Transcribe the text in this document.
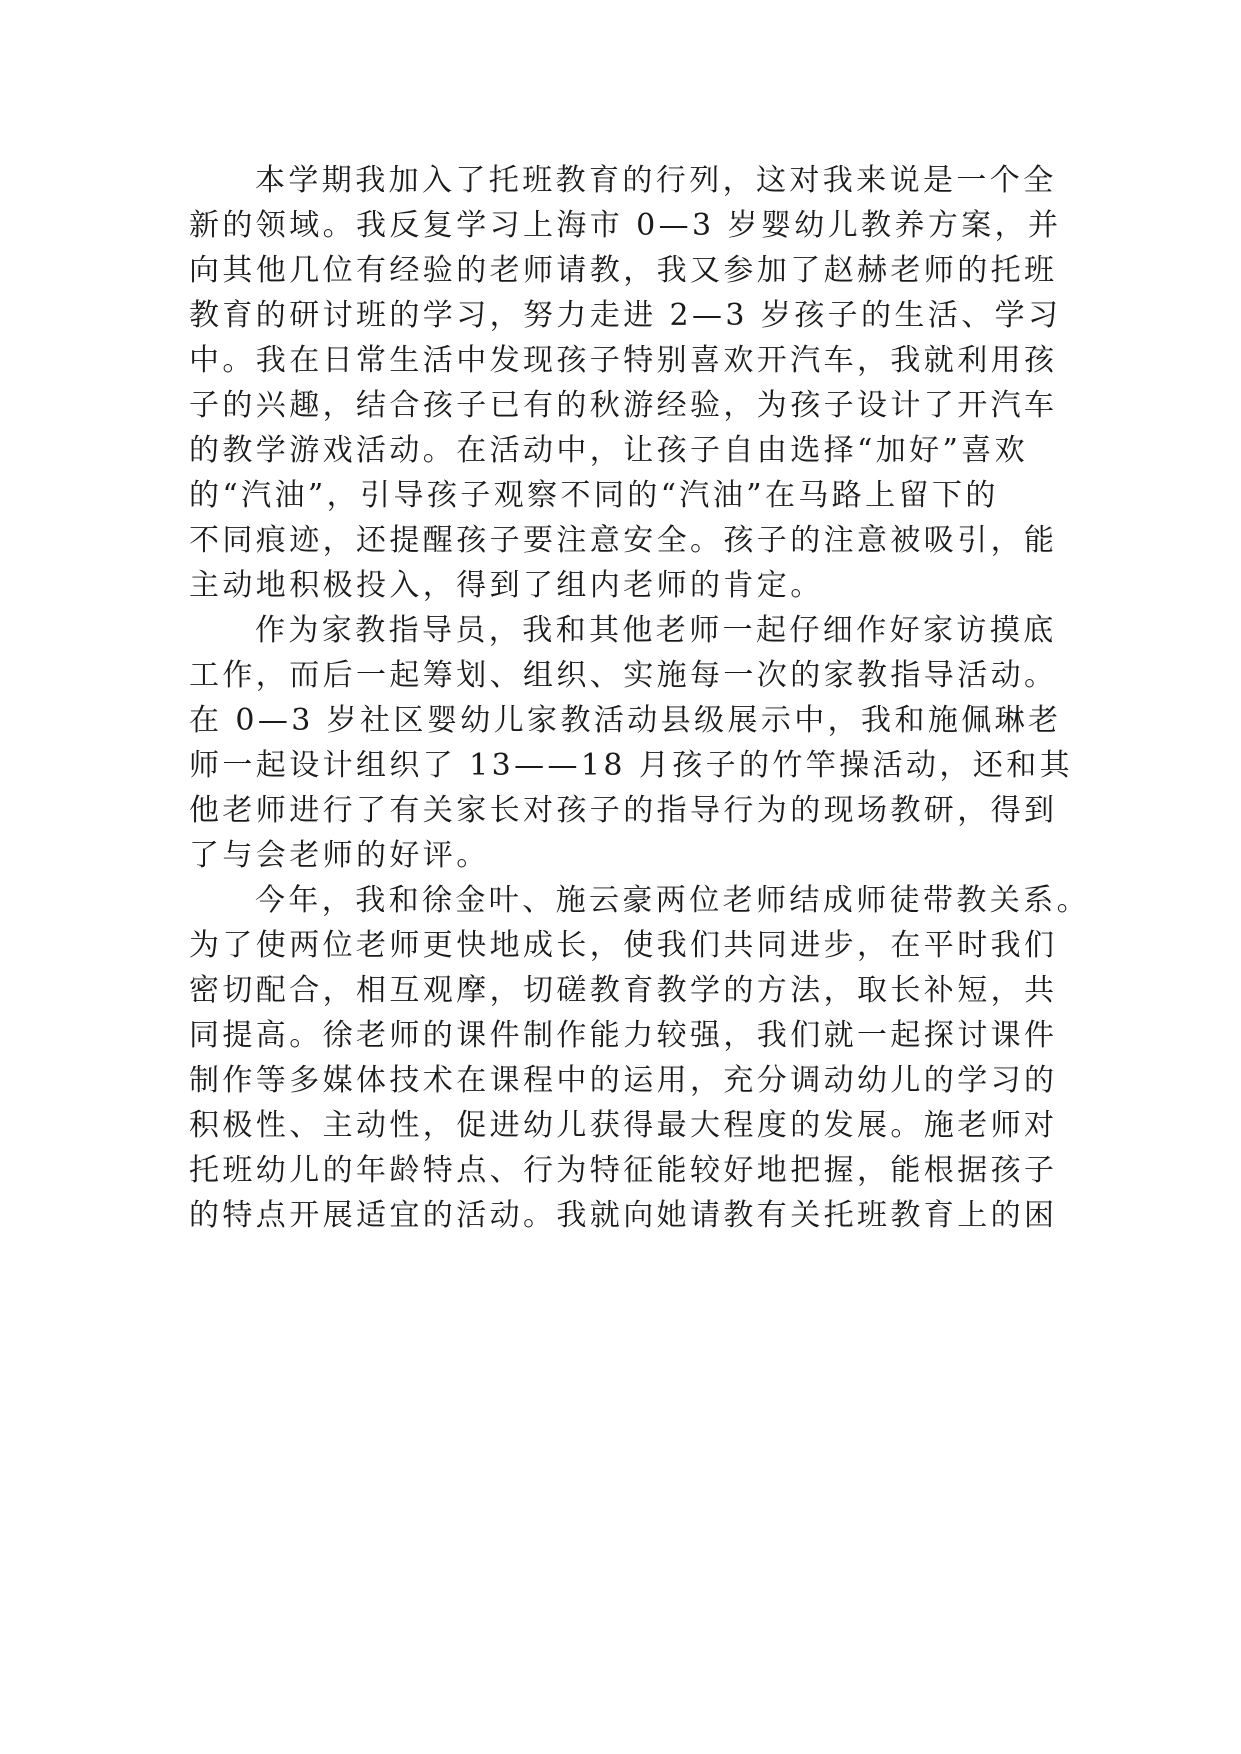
本学期我加入了托班教育的行列，这对我来说是一个全
新的领域。我反复学习上海市 0—3 岁婴幼儿教养方案，并
向其他几位有经验的老师请教，我又参加了赵赫老师的托班
教育的研讨班的学习，努力走进 2—3 岁孩子的生活、学习
中。我在日常生活中发现孩子特别喜欢开汽车，我就利用孩
子的兴趣，结合孩子已有的秋游经验，为孩子设计了开汽车
的教学游戏活动。在活动中，让孩子自由选择“加好”喜欢
的“汽油”，引导孩子观察不同的“汽油”在马路上留下的
不同痕迹，还提醒孩子要注意安全。孩子的注意被吸引，能
主动地积极投入，得到了组内老师的肯定。
作为家教指导员，我和其他老师一起仔细作好家访摸底
工作，而后一起筹划、组织、实施每一次的家教指导活动。
在 0—3 岁社区婴幼儿家教活动县级展示中，我和施佩琳老
师一起设计组织了 13——18 月孩子的竹竿操活动，还和其
他老师进行了有关家长对孩子的指导行为的现场教研，得到
了与会老师的好评。
今年，我和徐金叶、施云豪两位老师结成师徒带教关系。
为了使两位老师更快地成长，使我们共同进步，在平时我们
密切配合，相互观摩，切磋教育教学的方法，取长补短，共
同提高。徐老师的课件制作能力较强，我们就一起探讨课件
制作等多媒体技术在课程中的运用，充分调动幼儿的学习的
积极性、主动性，促进幼儿获得最大程度的发展。施老师对
托班幼儿的年龄特点、行为特征能较好地把握，能根据孩子
的特点开展适宜的活动。我就向她请教有关托班教育上的困
